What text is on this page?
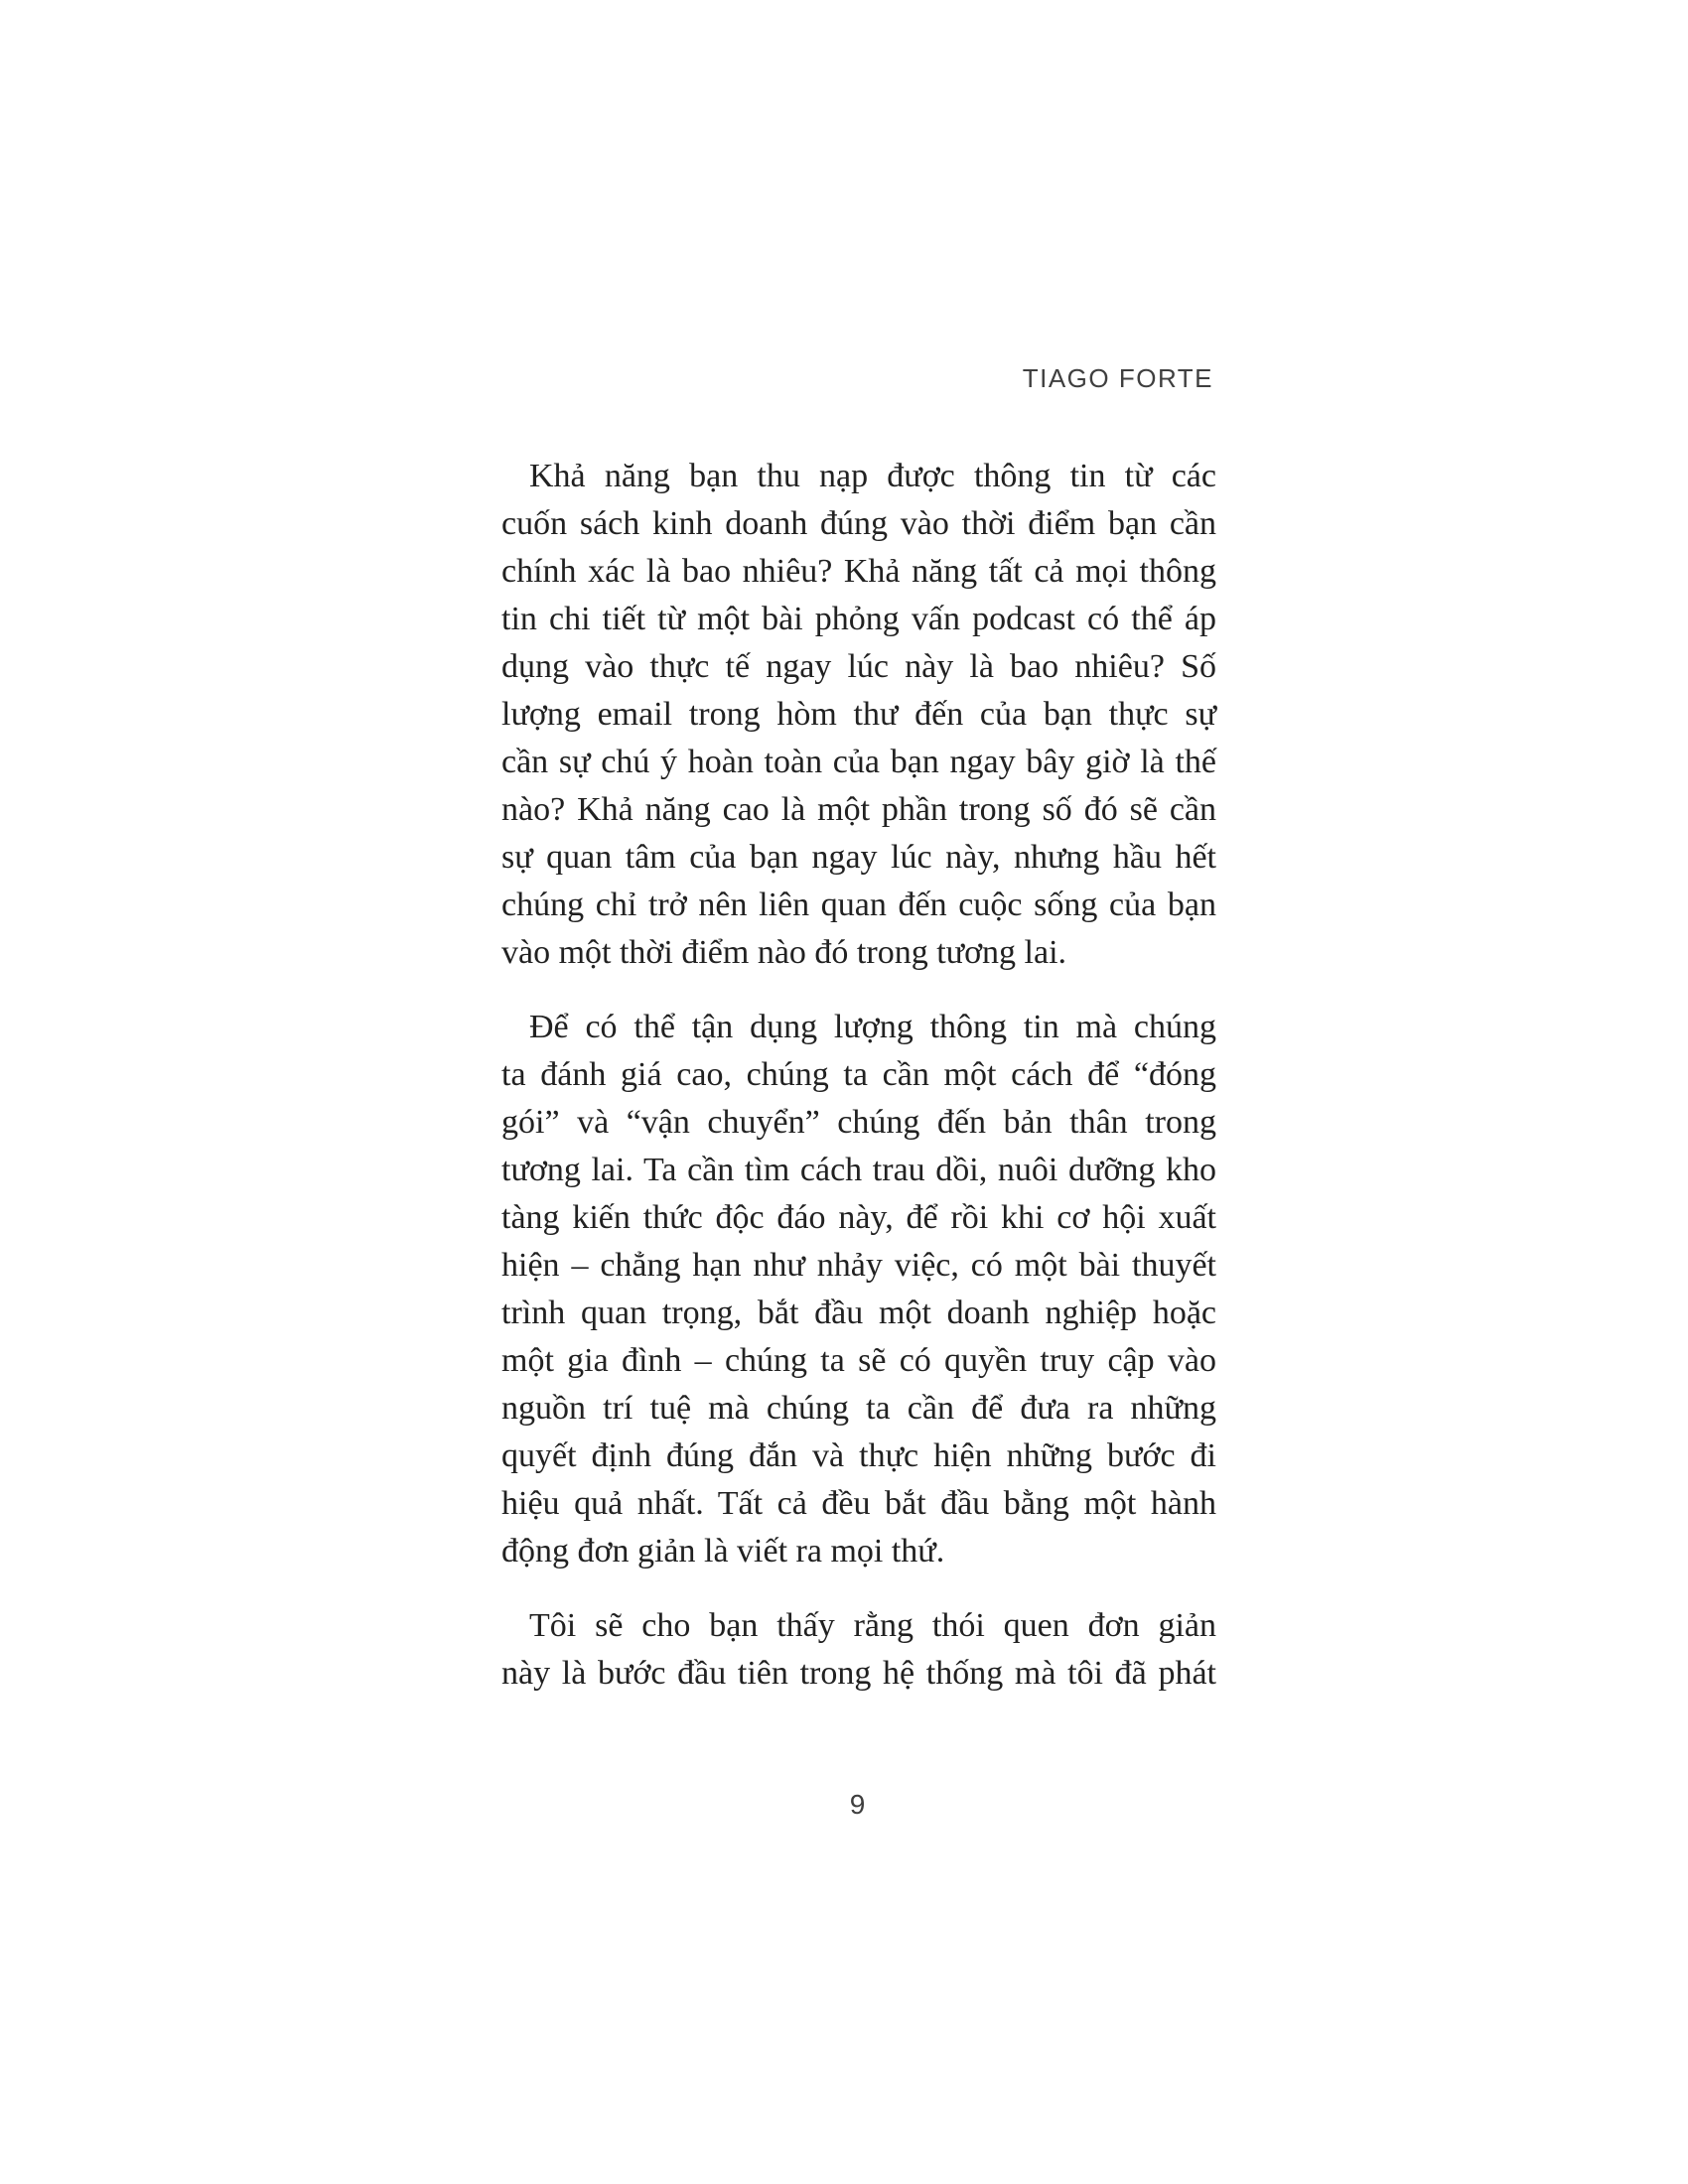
TIAGO FORTE

Khả năng bạn thu nạp được thông tin từ các
cuốn sách kinh doanh đúng vào thời điểm bạn cần
chính xác là bao nhiêu? Khả năng tất cả mọi thông
tin chi tiết từ một bài phỏng vấn podcast có thể áp
dụng vào thực tế ngay lúc này là bao nhiêu? Số
lượng email trong hòm thư đến của bạn thực sự
cần sự chú ý hoàn toàn của bạn ngay bây giờ là thế
nào? Khả năng cao là một phần trong số đó sẽ cần
sự quan tâm của bạn ngay lúc này, nhưng hầu hết
chúng chỉ trở nên liên quan đến cuộc sống của bạn
vào một thời điểm nào đó trong tương lai.

Để có thể tận dụng lượng thông tin mà chúng
ta đánh giá cao, chúng ta cần một cách để “đóng
gói” và “vận chuyển” chúng đến bản thân trong
tương lai. Ta cần tìm cách trau dồi, nuôi dưỡng kho
tàng kiến thức độc đáo này, để rồi khi cơ hội xuất
hiện – chẳng hạn như nhảy việc, có một bài thuyết
trình quan trọng, bắt đầu một doanh nghiệp hoặc
một gia đình – chúng ta sẽ có quyền truy cập vào
nguồn trí tuệ mà chúng ta cần để đưa ra những
quyết định đúng đắn và thực hiện những bước đi
hiệu quả nhất. Tất cả đều bắt đầu bằng một hành
động đơn giản là viết ra mọi thứ.

Tôi sẽ cho bạn thấy rằng thói quen đơn giản
này là bước đầu tiên trong hệ thống mà tôi đã phát

9
